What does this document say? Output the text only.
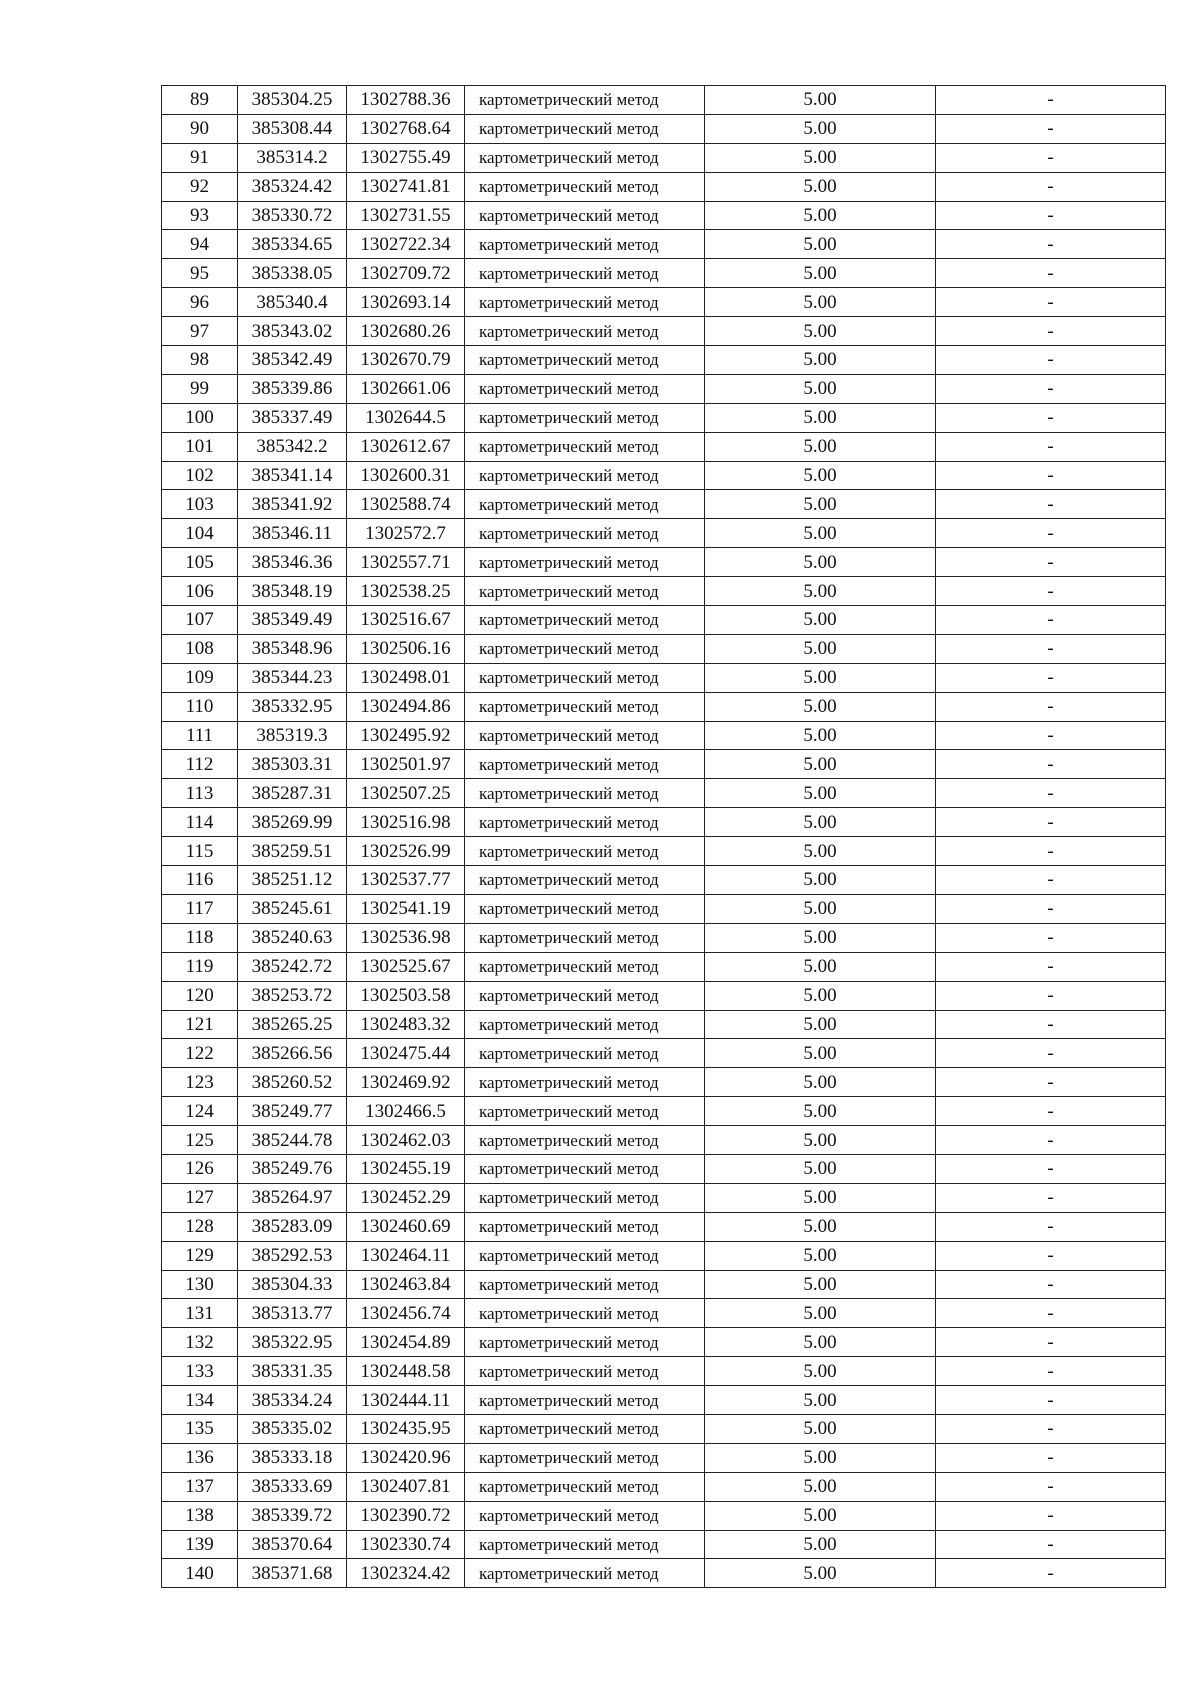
89	385304.25	1302788.36	картометрический метод	5.00	-
90	385308.44	1302768.64	картометрический метод	5.00	-
91	385314.2	1302755.49	картометрический метод	5.00	-
92	385324.42	1302741.81	картометрический метод	5.00	-
93	385330.72	1302731.55	картометрический метод	5.00	-
94	385334.65	1302722.34	картометрический метод	5.00	-
95	385338.05	1302709.72	картометрический метод	5.00	-
96	385340.4	1302693.14	картометрический метод	5.00	-
97	385343.02	1302680.26	картометрический метод	5.00	-
98	385342.49	1302670.79	картометрический метод	5.00	-
99	385339.86	1302661.06	картометрический метод	5.00	-
100	385337.49	1302644.5	картометрический метод	5.00	-
101	385342.2	1302612.67	картометрический метод	5.00	-
102	385341.14	1302600.31	картометрический метод	5.00	-
103	385341.92	1302588.74	картометрический метод	5.00	-
104	385346.11	1302572.7	картометрический метод	5.00	-
105	385346.36	1302557.71	картометрический метод	5.00	-
106	385348.19	1302538.25	картометрический метод	5.00	-
107	385349.49	1302516.67	картометрический метод	5.00	-
108	385348.96	1302506.16	картометрический метод	5.00	-
109	385344.23	1302498.01	картометрический метод	5.00	-
110	385332.95	1302494.86	картометрический метод	5.00	-
111	385319.3	1302495.92	картометрический метод	5.00	-
112	385303.31	1302501.97	картометрический метод	5.00	-
113	385287.31	1302507.25	картометрический метод	5.00	-
114	385269.99	1302516.98	картометрический метод	5.00	-
115	385259.51	1302526.99	картометрический метод	5.00	-
116	385251.12	1302537.77	картометрический метод	5.00	-
117	385245.61	1302541.19	картометрический метод	5.00	-
118	385240.63	1302536.98	картометрический метод	5.00	-
119	385242.72	1302525.67	картометрический метод	5.00	-
120	385253.72	1302503.58	картометрический метод	5.00	-
121	385265.25	1302483.32	картометрический метод	5.00	-
122	385266.56	1302475.44	картометрический метод	5.00	-
123	385260.52	1302469.92	картометрический метод	5.00	-
124	385249.77	1302466.5	картометрический метод	5.00	-
125	385244.78	1302462.03	картометрический метод	5.00	-
126	385249.76	1302455.19	картометрический метод	5.00	-
127	385264.97	1302452.29	картометрический метод	5.00	-
128	385283.09	1302460.69	картометрический метод	5.00	-
129	385292.53	1302464.11	картометрический метод	5.00	-
130	385304.33	1302463.84	картометрический метод	5.00	-
131	385313.77	1302456.74	картометрический метод	5.00	-
132	385322.95	1302454.89	картометрический метод	5.00	-
133	385331.35	1302448.58	картометрический метод	5.00	-
134	385334.24	1302444.11	картометрический метод	5.00	-
135	385335.02	1302435.95	картометрический метод	5.00	-
136	385333.18	1302420.96	картометрический метод	5.00	-
137	385333.69	1302407.81	картометрический метод	5.00	-
138	385339.72	1302390.72	картометрический метод	5.00	-
139	385370.64	1302330.74	картометрический метод	5.00	-
140	385371.68	1302324.42	картометрический метод	5.00	-
